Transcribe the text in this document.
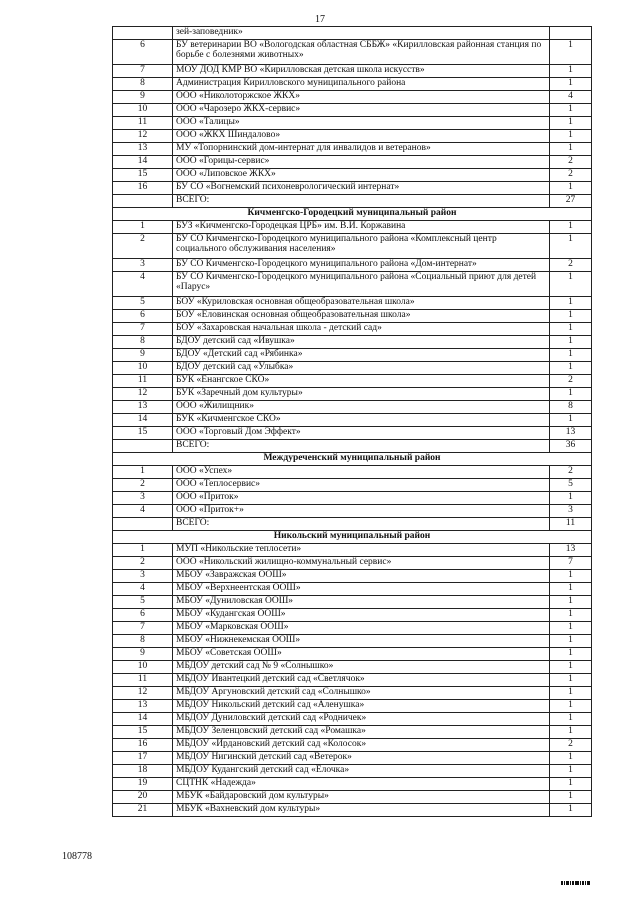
17
	зей-заповедник»	
6	БУ ветеринарии ВО «Вологодская областная СББЖ» «Кирилловская районная станция по борьбе с болезнями животных»	1
7	МОУ ДОД КМР ВО «Кирилловская детская школа искусств»	1
8	Администрация Кирилловского муниципального района	1
9	ООО «Николоторжское ЖКХ»	4
10	ООО «Чарозеро ЖКХ-сервис»	1
11	ООО «Талицы»	1
12	ООО «ЖКХ Шиндалово»	1
13	МУ «Топорнинский дом-интернат для инвалидов и ветеранов»	1
14	ООО «Горицы-сервис»	2
15	ООО «Липовское ЖКХ»	2
16	БУ СО «Вогнемский психоневрологический интернат»	1
	ВСЕГО:	27
Кичменгско-Городецкий муниципальный район		
1	БУЗ «Кичменгско-Городецкая ЦРБ» им. В.И. Коржавина	1
2	БУ СО Кичменгско-Городецкого муниципального района «Комплексный центр социального обслуживания населения»	1
3	БУ СО Кичменгско-Городецкого муниципального района «Дом-интернат»	2
4	БУ СО Кичменгско-Городецкого муниципального района «Социальный приют для детей «Парус»	1
5	БОУ «Куриловская основная общеобразовательная школа»	1
6	БОУ «Еловинская основная общеобразовательная школа»	1
7	БОУ «Захаровская начальная школа - детский сад»	1
8	БДОУ детский сад «Ивушка»	1
9	БДОУ «Детский сад «Рябинка»	1
10	БДОУ детский сад «Улыбка»	1
11	БУК «Енангское СКО»	2
12	БУК «Заречный дом культуры»	1
13	ООО «Жилищник»	8
14	БУК «Кичменгское СКО»	1
15	ООО «Торговый Дом Эффект»	13
	ВСЕГО:	36
Междуреченский муниципальный район		
1	ООО «Успех»	2
2	ООО «Теплосервис»	5
3	ООО «Приток»	1
4	ООО «Приток+»	3
	ВСЕГО:	11
Никольский муниципальный район		
1	МУП «Никольские теплосети»	13
2	ООО «Никольский жилищно-коммунальный сервис»	7
3	МБОУ «Завражская ООШ»	1
4	МБОУ «Верхнеентская ООШ»	1
5	МБОУ «Дуниловская ООШ»	1
6	МБОУ «Кудангская ООШ»	1
7	МБОУ «Марковская ООШ»	1
8	МБОУ «Нижнекемская ООШ»	1
9	МБОУ «Советская ООШ»	1
10	МБДОУ детский сад № 9 «Солнышко»	1
11	МБДОУ Ивантецкий детский сад «Светлячок»	1
12	МБДОУ Аргуновский детский сад «Солнышко»	1
13	МБДОУ Никольский детский сад «Аленушка»	1
14	МБДОУ Дуниловский детский сад «Родничек»	1
15	МБДОУ Зеленцовский детский сад «Ромашка»	1
16	МБДОУ «Ирдановский детский сад «Колосок»	2
17	МБДОУ Нигинский детский сад «Ветерок»	1
18	МБДОУ Кудангский детский сад «Елочка»	1
19	СЦТНК «Надежда»	1
20	МБУК «Байдаровский дом культуры»	1
21	МБУК «Вахневский дом культуры»	1
108778
